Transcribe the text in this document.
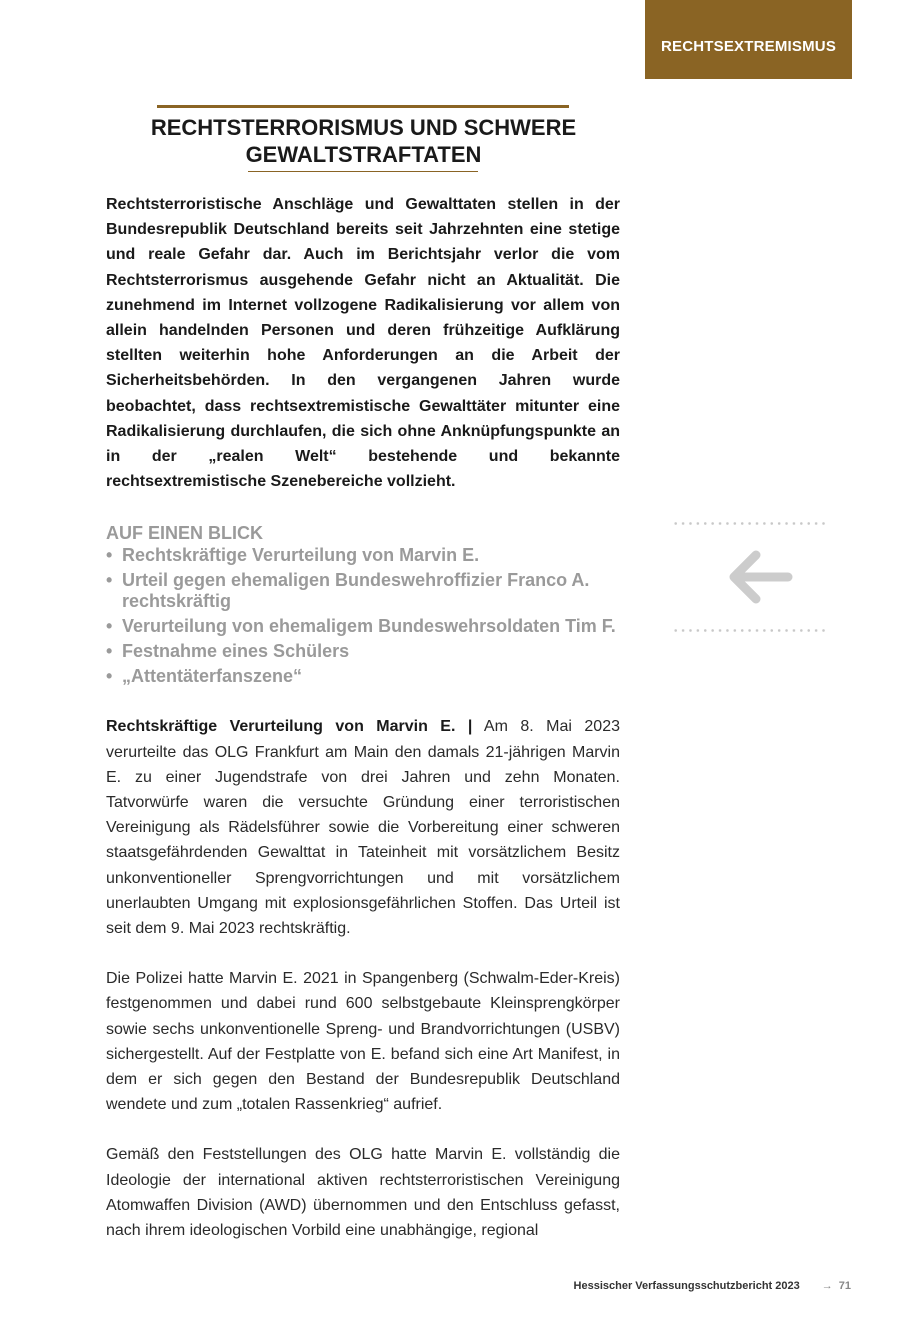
RECHTSEXTREMISMUS
RECHTSTERRORISMUS UND SCHWERE
GEWALTSTRAFTATEN

Rechtsterroristische Anschläge und Gewalttaten stellen in der Bundesrepublik Deutschland bereits seit Jahrzehnten eine stetige und reale Gefahr dar. Auch im Berichtsjahr verlor die vom Rechtsterrorismus ausgehende Gefahr nicht an Aktualität. Die zunehmend im Internet vollzogene Radikalisierung vor allem von allein handelnden Personen und deren frühzeitige Aufklärung stellten weiterhin hohe Anforderungen an die Arbeit der Sicherheitsbehörden. In den vergangenen Jahren wurde beobachtet, dass rechtsextremistische Gewalttäter mitunter eine Radikalisierung durchlaufen, die sich ohne Anknüpfungspunkte an in der „realen Welt“ bestehende und bekannte rechtsextremistische Szenebereiche vollzieht.

AUF EINEN BLICK
• Rechtskräftige Verurteilung von Marvin E.
• Urteil gegen ehemaligen Bundeswehroffizier Franco A. rechtskräftig
• Verurteilung von ehemaligem Bundeswehrsoldaten Tim F.
• Festnahme eines Schülers
• „Attentäterfanszene“

Rechtskräftige Verurteilung von Marvin E. | Am 8. Mai 2023 verurteilte das OLG Frankfurt am Main den damals 21-jährigen Marvin E. zu einer Jugendstrafe von drei Jahren und zehn Monaten. Tatvorwürfe waren die versuchte Gründung einer terroristischen Vereinigung als Rädelsführer sowie die Vorbereitung einer schweren staatsgefährdenden Gewalttat in Tateinheit mit vorsätzlichem Besitz unkonventioneller Sprengvorrichtungen und mit vorsätzlichem unerlaubten Umgang mit explosionsgefährlichen Stoffen. Das Urteil ist seit dem 9. Mai 2023 rechtskräftig.

Die Polizei hatte Marvin E. 2021 in Spangenberg (Schwalm-Eder-Kreis) festgenommen und dabei rund 600 selbstgebaute Kleinsprengkörper sowie sechs unkonventionelle Spreng- und Brandvorrichtungen (USBV) sichergestellt. Auf der Festplatte von E. befand sich eine Art Manifest, in dem er sich gegen den Bestand der Bundesrepublik Deutschland wendete und zum „totalen Rassenkrieg“ aufrief.

Gemäß den Feststellungen des OLG hatte Marvin E. vollständig die Ideologie der international aktiven rechtsterroristischen Vereinigung Atomwaffen Division (AWD) übernommen und den Entschluss gefasst, nach ihrem ideologischen Vorbild eine unabhängige, regional

Hessischer Verfassungsschutzbericht 2023 → 71
